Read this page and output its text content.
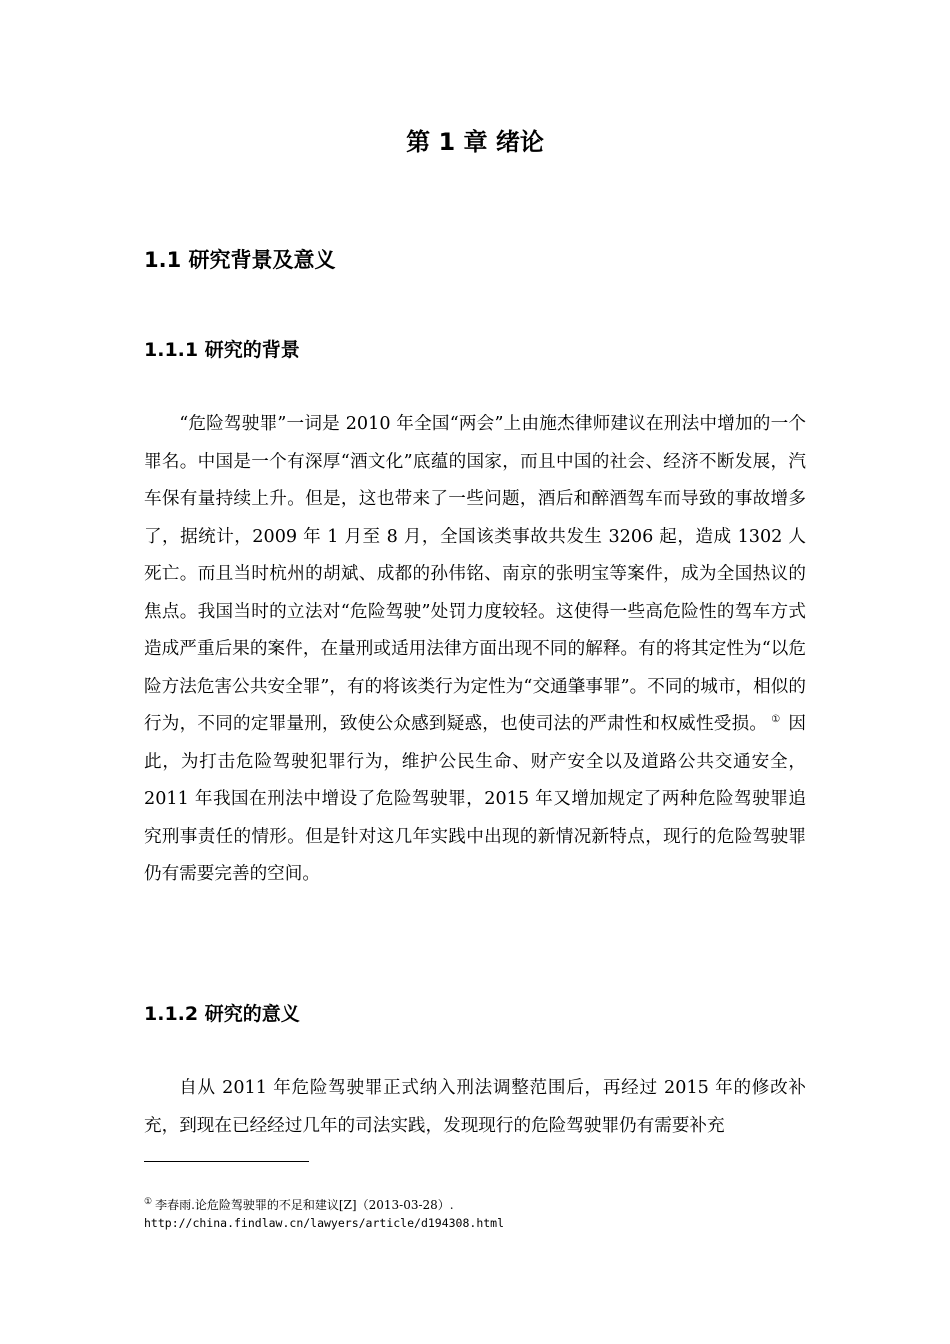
第 1 章 绪论
1.1 研究背景及意义
1.1.1 研究的背景

“危险驾驶罪”一词是 2010 年全国“两会”上由施杰律师建议在刑法中增加的一个罪名。中国是一个有深厚“酒文化”底蕴的国家，而且中国的社会、经济不断发展，汽车保有量持续上升。但是，这也带来了一些问题，酒后和醉酒驾车而导致的事故增多了，据统计，2009 年 1 月至 8 月，全国该类事故共发生 3206 起，造成 1302 人死亡。而且当时杭州的胡斌、成都的孙伟铭、南京的张明宝等案件，成为全国热议的焦点。我国当时的立法对“危险驾驶”处罚力度较轻。这使得一些高危险性的驾车方式造成严重后果的案件，在量刑或适用法律方面出现不同的解释。有的将其定性为“以危险方法危害公共安全罪”，有的将该类行为定性为“交通肇事罪”。不同的城市，相似的行为，不同的定罪量刑，致使公众感到疑惑，也使司法的严肃性和权威性受损。 ① 因此，为打击危险驾驶犯罪行为，维护公民生命、财产安全以及道路公共交通安全，2011 年我国在刑法中增设了危险驾驶罪，2015 年又增加规定了两种危险驾驶罪追究刑事责任的情形。但是针对这几年实践中出现的新情况新特点，现行的危险驾驶罪仍有需要完善的空间。

1.1.2 研究的意义

自从 2011 年危险驾驶罪正式纳入刑法调整范围后，再经过 2015 年的修改补充，到现在已经经过几年的司法实践，发现现行的危险驾驶罪仍有需要补充

① 李春雨.论危险驾驶罪的不足和建议[Z]（2013-03-28）.
http://china.findlaw.cn/lawyers/article/d194308.html
